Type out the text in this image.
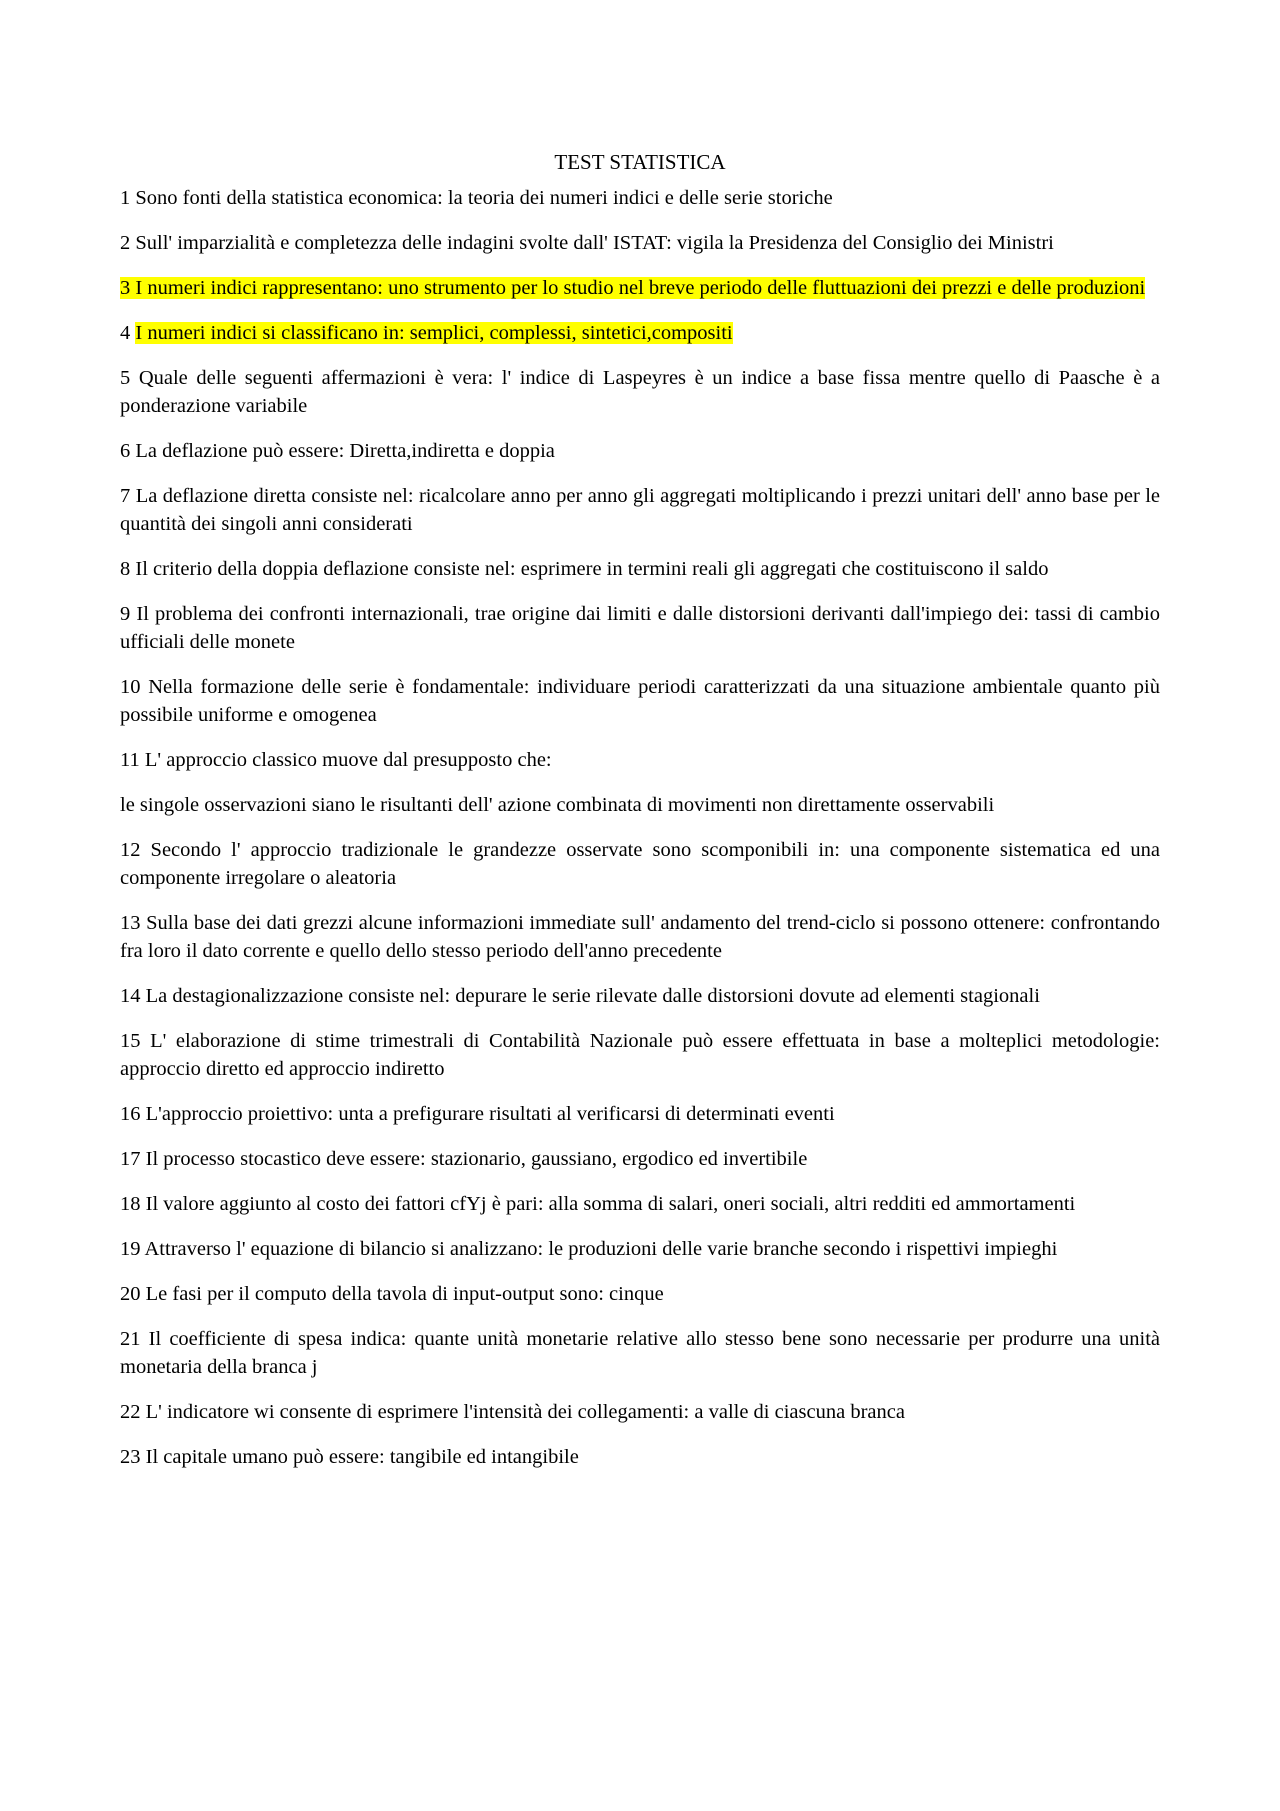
TEST STATISTICA

1 Sono fonti della statistica economica: la teoria dei numeri indici e delle serie storiche

2 Sull' imparzialità e completezza delle indagini svolte dall' ISTAT: vigila la Presidenza del Consiglio dei Ministri

3 I numeri indici rappresentano: uno strumento per lo studio nel breve periodo delle fluttuazioni dei prezzi e delle produzioni

4 I numeri indici si classificano in: semplici, complessi, sintetici,compositi

5 Quale delle seguenti affermazioni è vera: l' indice di Laspeyres è un indice a base fissa mentre quello di Paasche è a ponderazione variabile

6 La deflazione può essere: Diretta,indiretta e doppia

7 La deflazione diretta consiste nel: ricalcolare anno per anno gli aggregati moltiplicando i prezzi unitari dell' anno base per le quantità dei singoli anni considerati

8 Il criterio della doppia deflazione consiste nel: esprimere in termini reali gli aggregati che costituiscono il saldo

9 Il problema dei confronti internazionali, trae origine dai limiti e dalle distorsioni derivanti dall'impiego dei: tassi di cambio ufficiali delle monete

10 Nella formazione delle serie è fondamentale: individuare periodi caratterizzati da una situazione ambientale quanto più possibile uniforme e omogenea

11 L' approccio classico muove dal presupposto che:

le singole osservazioni siano le risultanti dell' azione combinata di movimenti non direttamente osservabili

12 Secondo l' approccio tradizionale le grandezze osservate sono scomponibili in: una componente sistematica ed una componente irregolare o aleatoria

13 Sulla base dei dati grezzi alcune informazioni immediate sull' andamento del trend-ciclo si possono ottenere: confrontando fra loro il dato corrente e quello dello stesso periodo dell'anno precedente

14 La destagionalizzazione consiste nel: depurare le serie rilevate dalle distorsioni dovute ad elementi stagionali

15 L' elaborazione di stime trimestrali di Contabilità Nazionale può essere effettuata in base a molteplici metodologie: approccio diretto ed approccio indiretto

16 L'approccio proiettivo: unta a prefigurare risultati al verificarsi di determinati eventi

17 Il processo stocastico deve essere: stazionario, gaussiano, ergodico ed invertibile

18 Il valore aggiunto al costo dei fattori cfYj è pari: alla somma di salari, oneri sociali, altri redditi ed ammortamenti

19 Attraverso l' equazione di bilancio si analizzano: le produzioni delle varie branche secondo i rispettivi impieghi

20 Le fasi per il computo della tavola di input-output sono: cinque

21 Il coefficiente di spesa indica: quante unità monetarie relative allo stesso bene sono necessarie per produrre una unità monetaria della branca j

22 L' indicatore wi consente di esprimere l'intensità dei collegamenti: a valle di ciascuna branca

23 Il capitale umano può essere: tangibile ed intangibile
